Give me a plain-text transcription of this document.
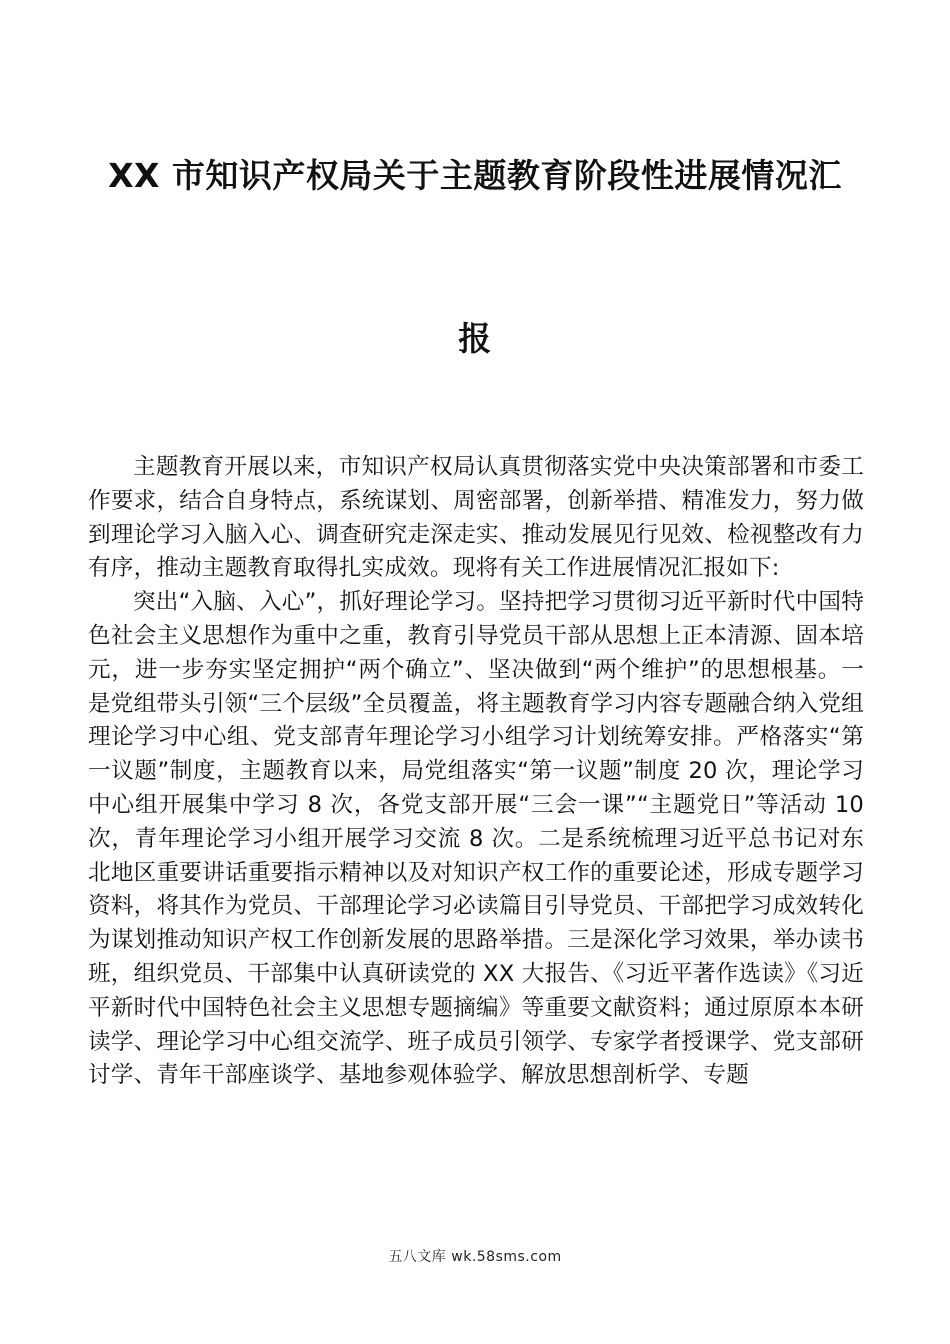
XX 市知识产权局关于主题教育阶段性进展情况汇
报

主题教育开展以来，市知识产权局认真贯彻落实党中央决策部署和市委工作要求，结合自身特点，系统谋划、周密部署，创新举措、精准发力，努力做到理论学习入脑入心、调查研究走深走实、推动发展见行见效、检视整改有力有序，推动主题教育取得扎实成效。现将有关工作进展情况汇报如下:

突出“入脑、入心”，抓好理论学习。坚持把学习贯彻习近平新时代中国特色社会主义思想作为重中之重，教育引导党员干部从思想上正本清源、固本培元，进一步夯实坚定拥护“两个确立”、坚决做到“两个维护”的思想根基。一是党组带头引领“三个层级”全员覆盖，将主题教育学习内容专题融合纳入党组理论学习中心组、党支部青年理论学习小组学习计划统筹安排。严格落实“第一议题”制度，主题教育以来，局党组落实“第一议题”制度 20 次，理论学习中心组开展集中学习 8 次，各党支部开展“三会一课”“主题党日”等活动 10 次，青年理论学习小组开展学习交流 8 次。二是系统梳理习近平总书记对东北地区重要讲话重要指示精神以及对知识产权工作的重要论述，形成专题学习资料，将其作为党员、干部理论学习必读篇目引导党员、干部把学习成效转化为谋划推动知识产权工作创新发展的思路举措。三是深化学习效果，举办读书班，组织党员、干部集中认真研读党的 XX 大报告、《习近平著作选读》《习近平新时代中国特色社会主义思想专题摘编》等重要文献资料；通过原原本本研读学、理论学习中心组交流学、班子成员引领学、专家学者授课学、党支部研讨学、青年干部座谈学、基地参观体验学、解放思想剖析学、专题

五八文库 wk.58sms.com
